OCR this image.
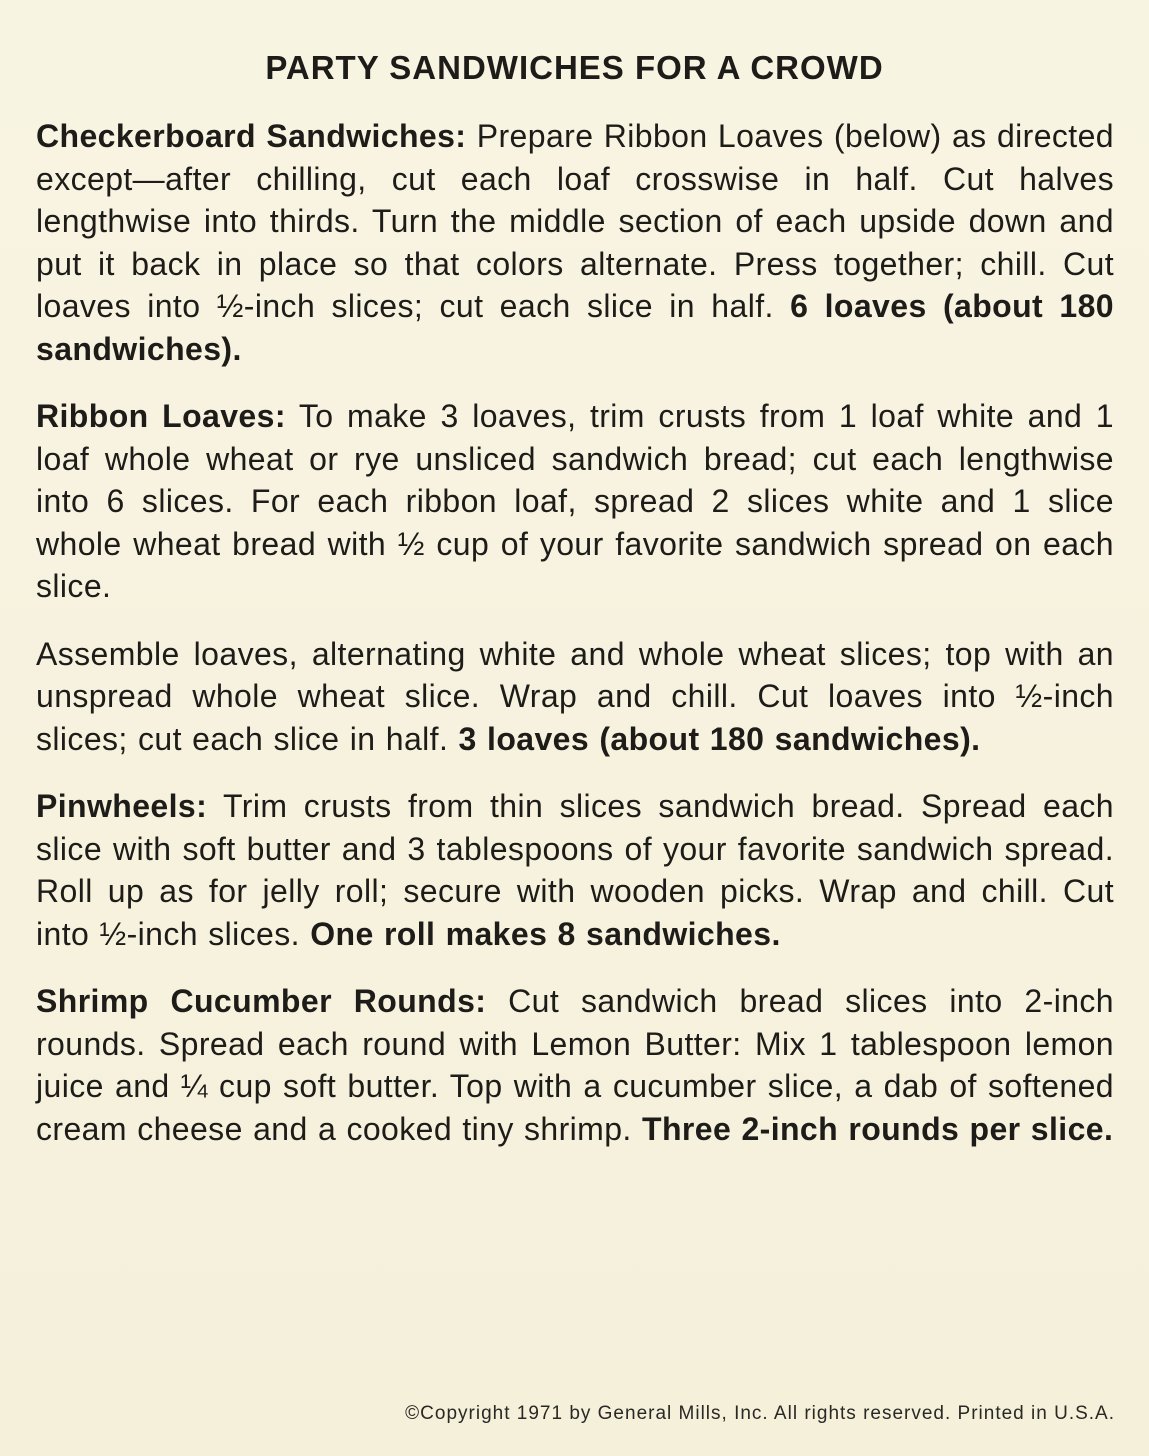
PARTY SANDWICHES FOR A CROWD

Checkerboard Sandwiches: Prepare Ribbon Loaves (below) as directed except—after chilling, cut each loaf crosswise in half. Cut halves lengthwise into thirds. Turn the middle section of each upside down and put it back in place so that colors alternate. Press together; chill. Cut loaves into ½-inch slices; cut each slice in half. 6 loaves (about 180 sandwiches).

Ribbon Loaves: To make 3 loaves, trim crusts from 1 loaf white and 1 loaf whole wheat or rye unsliced sandwich bread; cut each lengthwise into 6 slices. For each ribbon loaf, spread 2 slices white and 1 slice whole wheat bread with ½ cup of your favorite sandwich spread on each slice.

Assemble loaves, alternating white and whole wheat slices; top with an unspread whole wheat slice. Wrap and chill. Cut loaves into ½-inch slices; cut each slice in half. 3 loaves (about 180 sandwiches).

Pinwheels: Trim crusts from thin slices sandwich bread. Spread each slice with soft butter and 3 tablespoons of your favorite sandwich spread. Roll up as for jelly roll; secure with wooden picks. Wrap and chill. Cut into ½-inch slices. One roll makes 8 sandwiches.

Shrimp Cucumber Rounds: Cut sandwich bread slices into 2-inch rounds. Spread each round with Lemon Butter: Mix 1 tablespoon lemon juice and ¼ cup soft butter. Top with a cucumber slice, a dab of softened cream cheese and a cooked tiny shrimp. Three 2-inch rounds per slice.

©Copyright 1971 by General Mills, Inc. All rights reserved. Printed in U.S.A.
